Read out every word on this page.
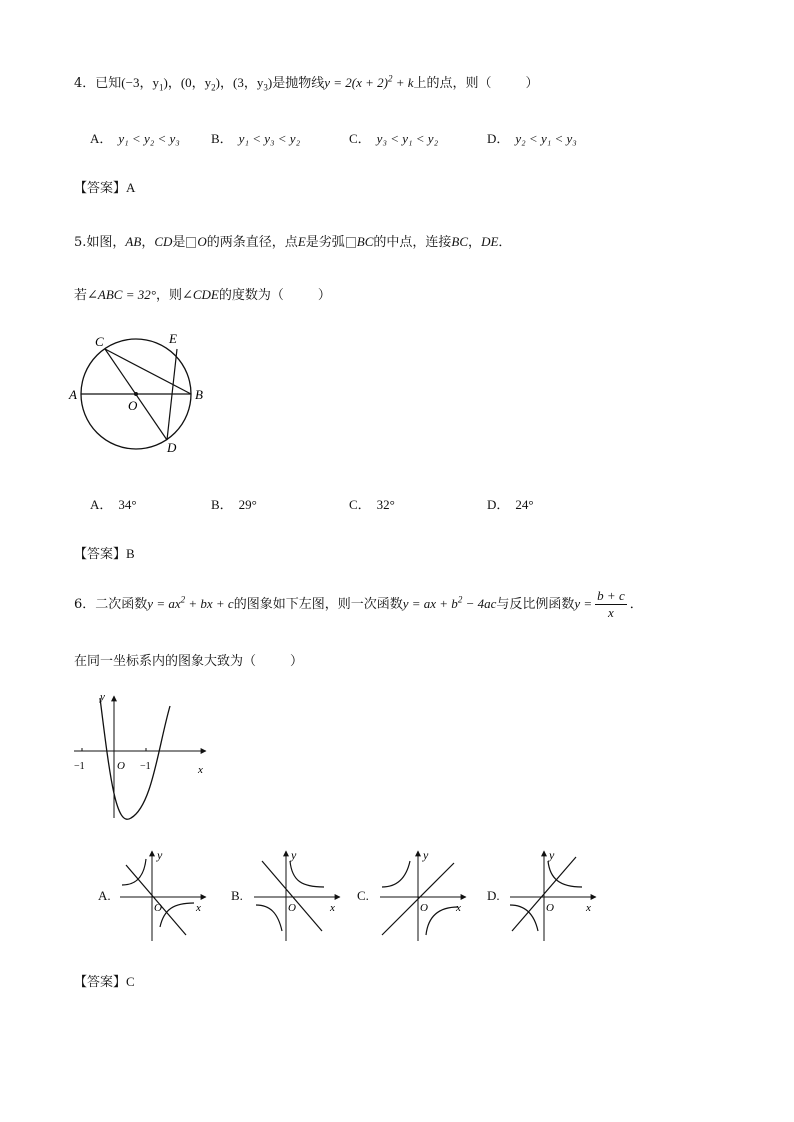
4．已知(−3，$y_1$)，(0，$y_2$)，(3，$y_3$)是抛物线$y = 2(x + 2)^2 + k$上的点，则（	）
A． y₁ < y₂ < y₃ B． y₁ < y₃ < y₂	C． y₃ < y₁ < y₂	D． y₂ < y₁ < y₃
【答案】A
5.如图，AB，CD是 O的两条直径，点E是劣弧 BC的中点，连接BC，DE．
若∠ABC = 32°，则∠CDE的度数为（	）
C	E
A
O
B
D
A． 34°	B． 29°	C． 32°	D． 24°
【答案】B
6．二次函数$y = ax^2$ + bx + c的图象如下左图，则一次函数y = ax + $b^2 - 4ac$与反比例函数$y = \frac{b + c}{x}$ ．
在同一坐标系内的图象大致为（	）
y
x
O
−1	−1
A.
y
x
O
B.
y
x
O
C.
y
x
O
D.
y
x
O
【答案】C
